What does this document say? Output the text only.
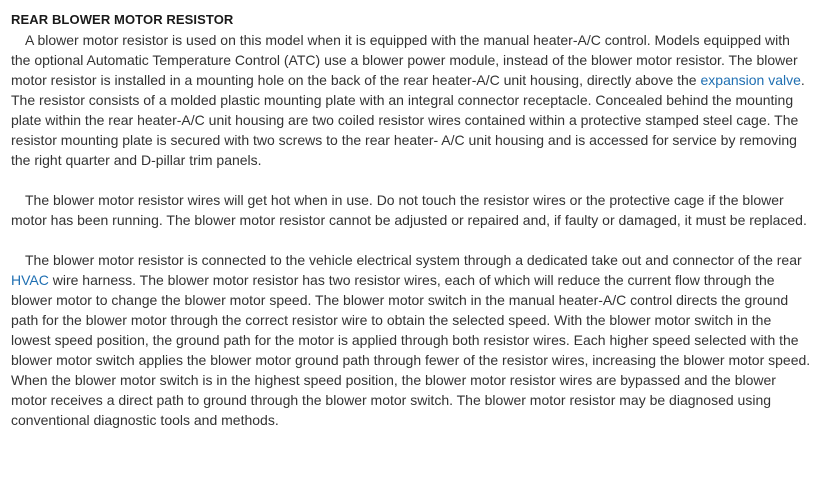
REAR BLOWER MOTOR RESISTOR

A blower motor resistor is used on this model when it is equipped with the manual heater-A/C control. Models equipped with the optional Automatic Temperature Control (ATC) use a blower power module, instead of the blower motor resistor. The blower motor resistor is installed in a mounting hole on the back of the rear heater-A/C unit housing, directly above the expansion valve. The resistor consists of a molded plastic mounting plate with an integral connector receptacle. Concealed behind the mounting plate within the rear heater-A/C unit housing are two coiled resistor wires contained within a protective stamped steel cage. The resistor mounting plate is secured with two screws to the rear heater- A/C unit housing and is accessed for service by removing the right quarter and D-pillar trim panels.

The blower motor resistor wires will get hot when in use. Do not touch the resistor wires or the protective cage if the blower motor has been running. The blower motor resistor cannot be adjusted or repaired and, if faulty or damaged, it must be replaced.

The blower motor resistor is connected to the vehicle electrical system through a dedicated take out and connector of the rear HVAC wire harness. The blower motor resistor has two resistor wires, each of which will reduce the current flow through the blower motor to change the blower motor speed. The blower motor switch in the manual heater-A/C control directs the ground path for the blower motor through the correct resistor wire to obtain the selected speed. With the blower motor switch in the lowest speed position, the ground path for the motor is applied through both resistor wires. Each higher speed selected with the blower motor switch applies the blower motor ground path through fewer of the resistor wires, increasing the blower motor speed. When the blower motor switch is in the highest speed position, the blower motor resistor wires are bypassed and the blower motor receives a direct path to ground through the blower motor switch. The blower motor resistor may be diagnosed using conventional diagnostic tools and methods.
